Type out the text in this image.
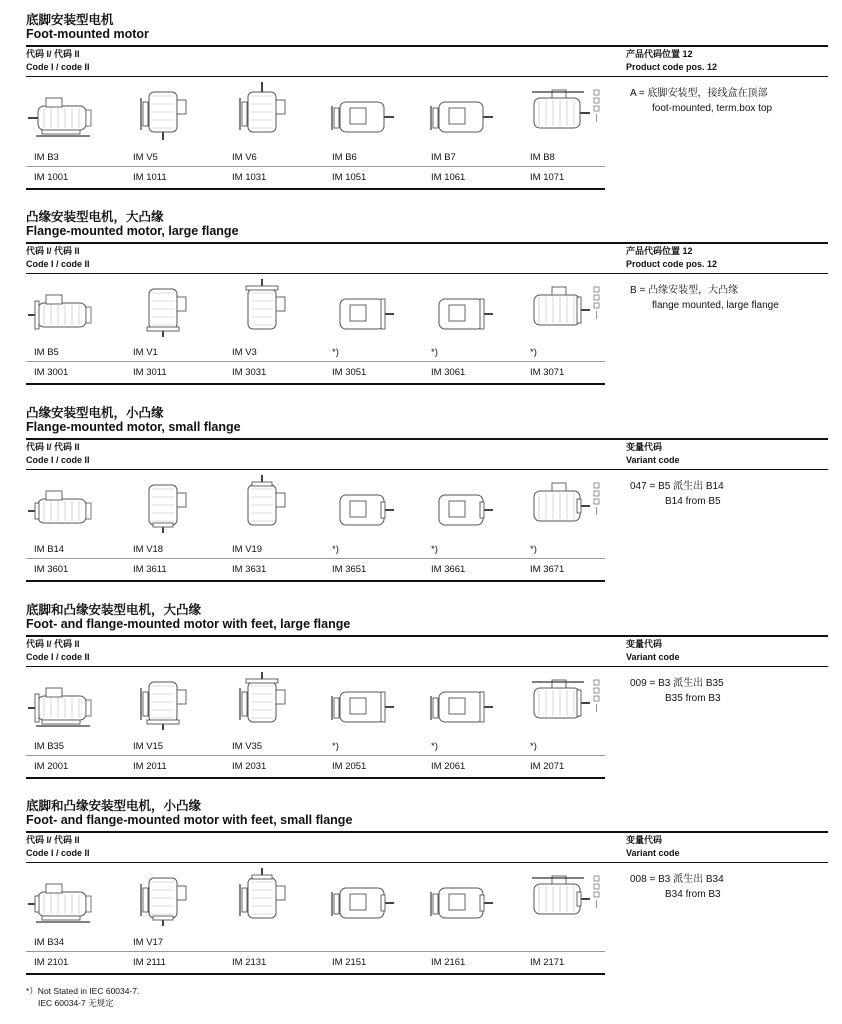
底脚安装型电机
Foot-mounted motor
代码 I/ 代码 II
Code I / code II
产品代码位置 12
Product code pos. 12
IM B3	IM V5	IM V6	IM B6	IM B7	IM B8
IM 1001	IM 1011	IM 1031	IM 1051	IM 1061	IM 1071
A = 底脚安装型，接线盒在顶部
foot-mounted, term.box top
凸缘安装型电机，大凸缘
Flange-mounted motor, large flange
代码 I/ 代码 II
Code I / code II
产品代码位置 12
Product code pos. 12
IM B5	IM V1	IM V3	*)	*)	*)
IM 3001	IM 3011	IM 3031	IM 3051	IM 3061	IM 3071
B = 凸缘安装型，大凸缘
flange mounted, large flange
凸缘安装型电机，小凸缘
Flange-mounted motor, small flange
代码 I/ 代码 II
Code I / code II
变量代码
Variant code
IM B14	IM V18	IM V19	*)	*)	*)
IM 3601	IM 3611	IM 3631	IM 3651	IM 3661	IM 3671
047 = B5 派生出 B14
B14 from B5
底脚和凸缘安装型电机，大凸缘
Foot- and flange-mounted motor with feet, large flange
代码 I/ 代码 II
Code I / code II
变量代码
Variant code
IM B35	IM V15	IM V35	*)	*)	*)
IM 2001	IM 2011	IM 2031	IM 2051	IM 2061	IM 2071
009 = B3 派生出 B35
B35 from B3
底脚和凸缘安装型电机，小凸缘
Foot- and flange-mounted motor with feet, small flange
代码 I/ 代码 II
Code I / code II
变量代码
Variant code
IM B34	IM V17
IM 2101	IM 2111	IM 2131	IM 2151	IM 2161	IM 2171
008 = B3 派生出 B34
B34 from B3
*）Not Stated in IEC 60034-7.
IEC 60034-7 无规定
